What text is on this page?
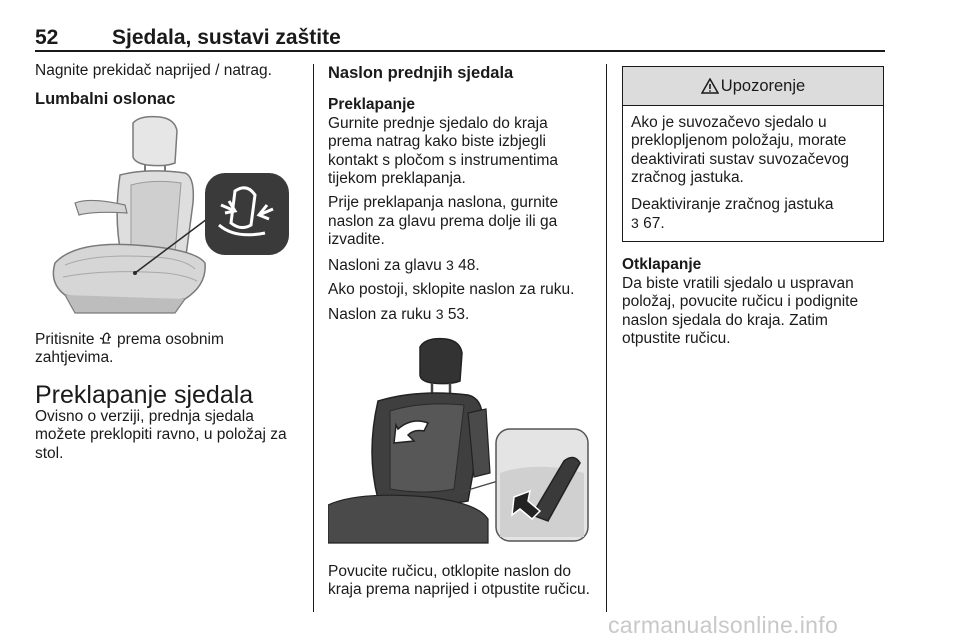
52	Sjedala, sustavi zaštite

Nagnite prekidač naprijed / natrag.

Lumbalni oslonac

Pritisnite  prema osobnim zahtjevima.

Preklapanje sjedala

Ovisno o verziji, prednja sjedala možete preklopiti ravno, u položaj za stol.

Naslon prednjih sjedala

Preklapanje

Gurnite prednje sjedalo do kraja prema natrag kako biste izbjegli kontakt s pločom s instrumentima tijekom preklapanja.

Prije preklapanja naslona, gurnite naslon za glavu prema dolje ili ga izvadite.

Nasloni za glavu 3 48.

Ako postoji, sklopite naslon za ruku.

Naslon za ruku 3 53.

Povucite ručicu, otklopite naslon do kraja prema naprijed i otpustite ručicu.

Upozorenje

Ako je suvozačevo sjedalo u preklopljenom položaju, morate deaktivirati sustav suvozačevog zračnog jastuka.

Deaktiviranje zračnog jastuka
3 67.

Otklapanje

Da biste vratili sjedalo u uspravan položaj, povucite ručicu i podignite naslon sjedala do kraja. Zatim otpustite ručicu.

carmanualsonline.info
